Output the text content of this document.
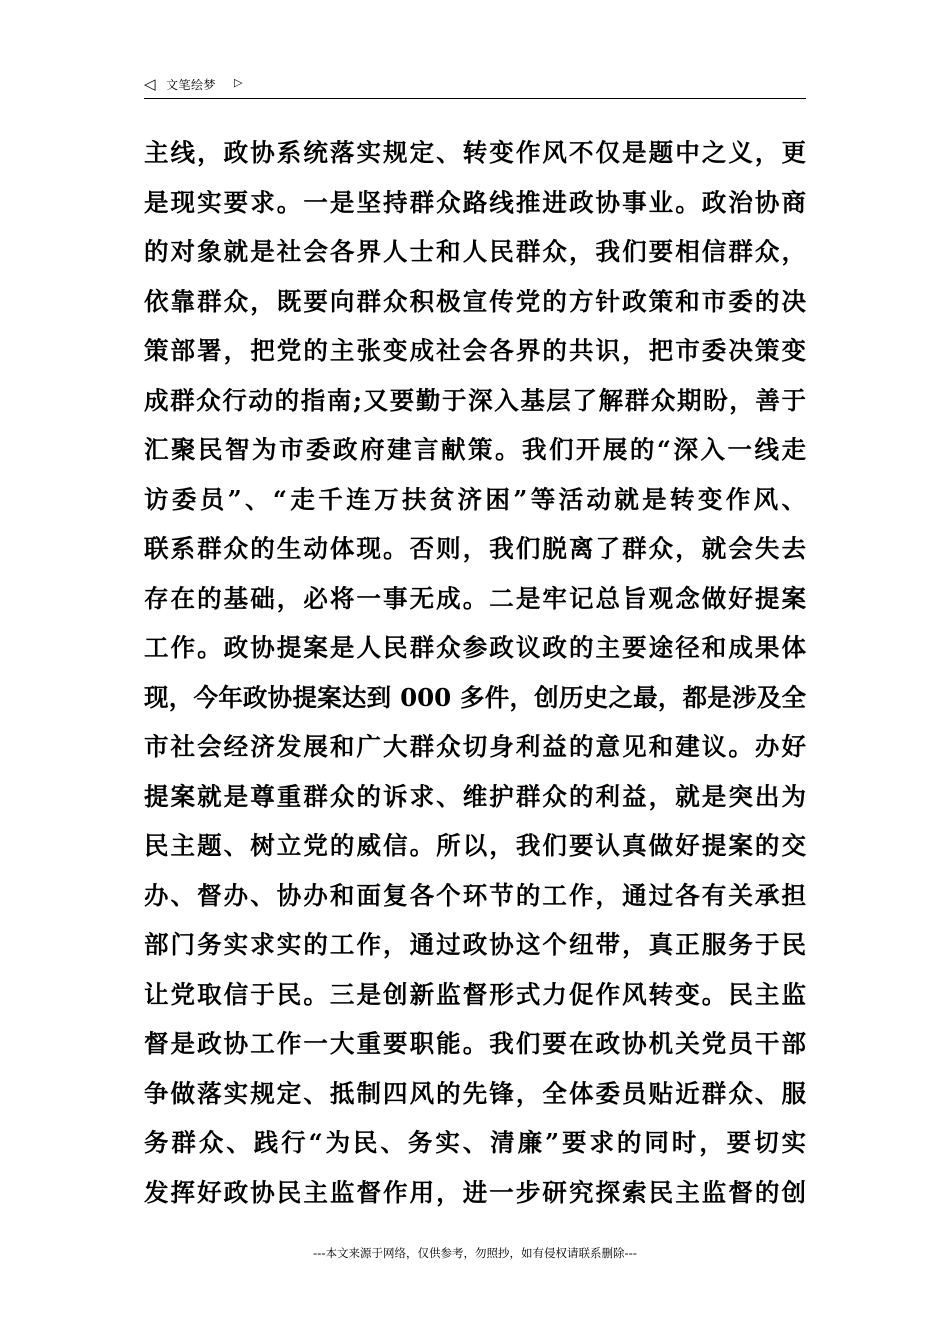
◁ 文笔绘梦 ▷
主线，政协系统落实规定、转变作风不仅是题中之义，更
是现实要求。一是坚持群众路线推进政协事业。政治协商
的对象就是社会各界人士和人民群众，我们要相信群众，
依靠群众，既要向群众积极宣传党的方针政策和市委的决
策部署，把党的主张变成社会各界的共识，把市委决策变
成群众行动的指南;又要勤于深入基层了解群众期盼，善于
汇聚民智为市委政府建言献策。我们开展的“深入一线走
访委员”、“走千连万扶贫济困”等活动就是转变作风、
联系群众的生动体现。否则，我们脱离了群众，就会失去
存在的基础，必将一事无成。二是牢记总旨观念做好提案
工作。政协提案是人民群众参政议政的主要途径和成果体
现，今年政协提案达到 000 多件，创历史之最，都是涉及全
市社会经济发展和广大群众切身利益的意见和建议。办好
提案就是尊重群众的诉求、维护群众的利益，就是突出为
民主题、树立党的威信。所以，我们要认真做好提案的交
办、督办、协办和面复各个环节的工作，通过各有关承担
部门务实求实的工作，通过政协这个纽带，真正服务于民
让党取信于民。三是创新监督形式力促作风转变。民主监
督是政协工作一大重要职能。我们要在政协机关党员干部
争做落实规定、抵制四风的先锋，全体委员贴近群众、服
务群众、践行“为民、务实、清廉”要求的同时，要切实
发挥好政协民主监督作用，进一步研究探索民主监督的创
---本文来源于网络，仅供参考，勿照抄，如有侵权请联系删除---
